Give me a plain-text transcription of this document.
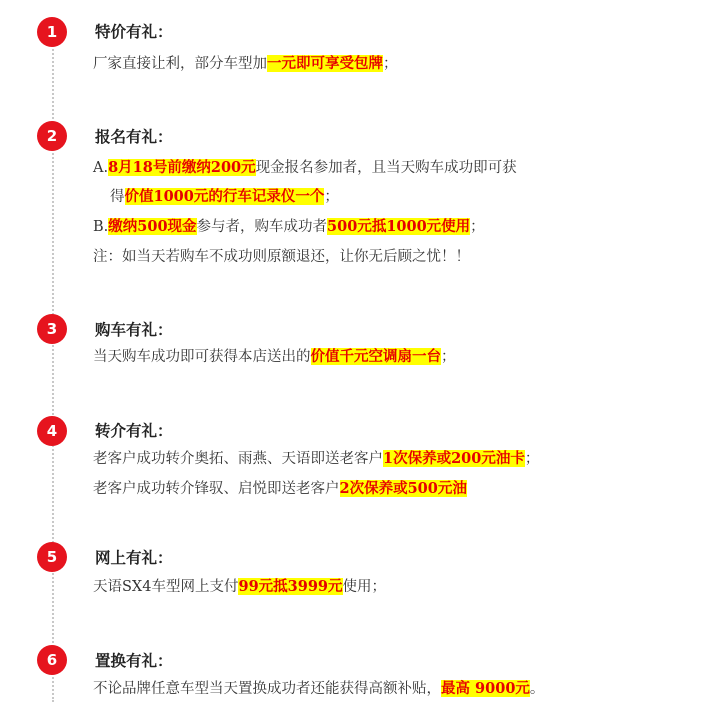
1	特价有礼：
厂家直接让利，部分车型加一元即可享受包牌；
2	报名有礼：
A.8月18号前缴纳200元现金报名参加者，且当天购车成功即可获
得价值1000元的行车记录仪一个；
B.缴纳500现金参与者，购车成功者500元抵1000元使用；
注：如当天若购车不成功则原额退还，让你无后顾之忧！！
3	购车有礼：
当天购车成功即可获得本店送出的价值千元空调扇一台；
4	转介有礼：
老客户成功转介奥拓、雨燕、天语即送老客户1次保养或200元油卡；
老客户成功转介锋驭、启悦即送老客户2次保养或500元油
5	网上有礼：
天语SX4车型网上支付99元抵3999元使用；
6	置换有礼：
不论品牌任意车型当天置换成功者还能获得高额补贴，最高 9000元。
